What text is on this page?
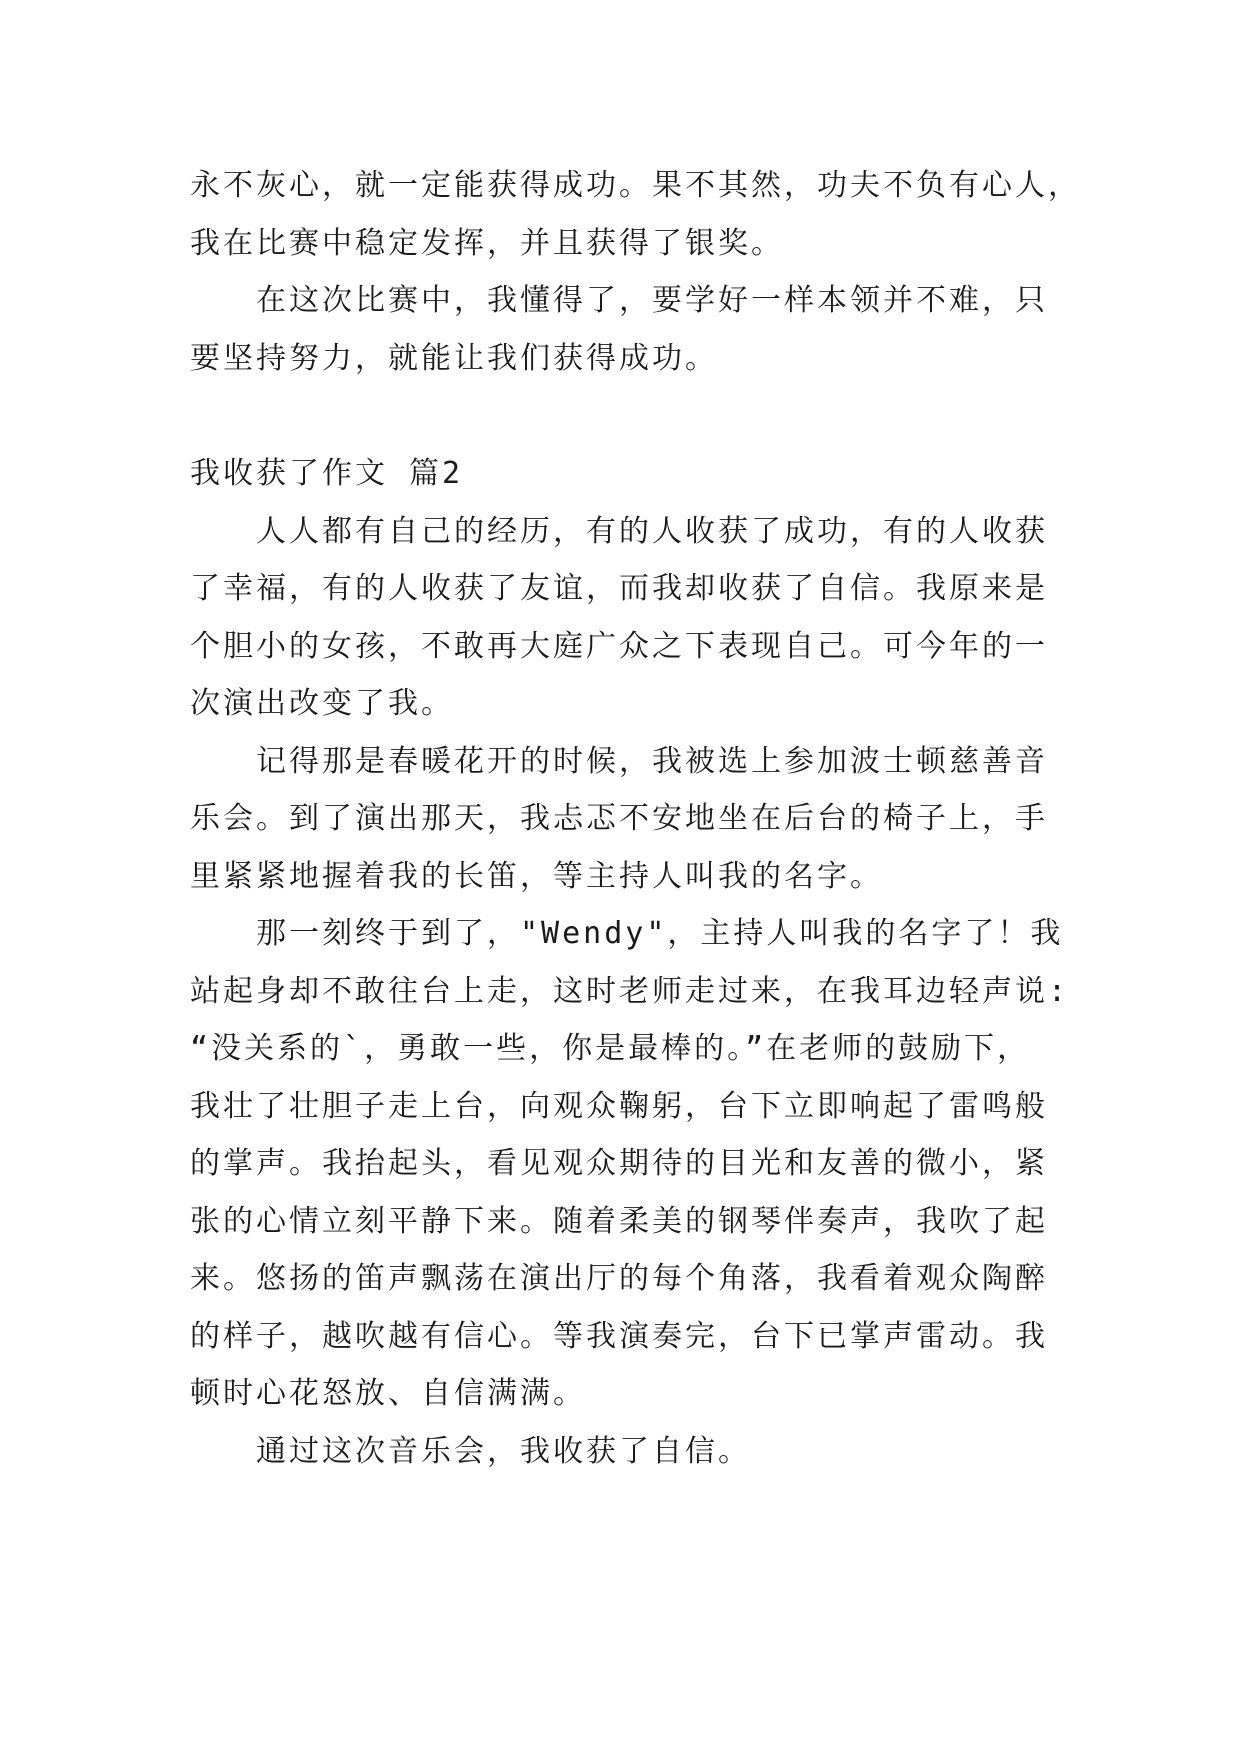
永不灰心，就一定能获得成功。果不其然，功夫不负有心人，
我在比赛中稳定发挥，并且获得了银奖。
在这次比赛中，我懂得了，要学好一样本领并不难，只
要坚持努力，就能让我们获得成功。
我收获了作文 篇2
人人都有自己的经历，有的人收获了成功，有的人收获
了幸福，有的人收获了友谊，而我却收获了自信。我原来是
个胆小的女孩，不敢再大庭广众之下表现自己。可今年的一
次演出改变了我。
记得那是春暖花开的时候，我被选上参加波士顿慈善音
乐会。到了演出那天，我忐忑不安地坐在后台的椅子上，手
里紧紧地握着我的长笛，等主持人叫我的名字。
那一刻终于到了，"Wendy"，主持人叫我的名字了！我
站起身却不敢往台上走，这时老师走过来，在我耳边轻声说:
“没关系的`，勇敢一些，你是最棒的。”在老师的鼓励下，
我壮了壮胆子走上台，向观众鞠躬，台下立即响起了雷鸣般
的掌声。我抬起头，看见观众期待的目光和友善的微小，紧
张的心情立刻平静下来。随着柔美的钢琴伴奏声，我吹了起
来。悠扬的笛声飘荡在演出厅的每个角落，我看着观众陶醉
的样子，越吹越有信心。等我演奏完，台下已掌声雷动。我
顿时心花怒放、自信满满。
通过这次音乐会，我收获了自信。
